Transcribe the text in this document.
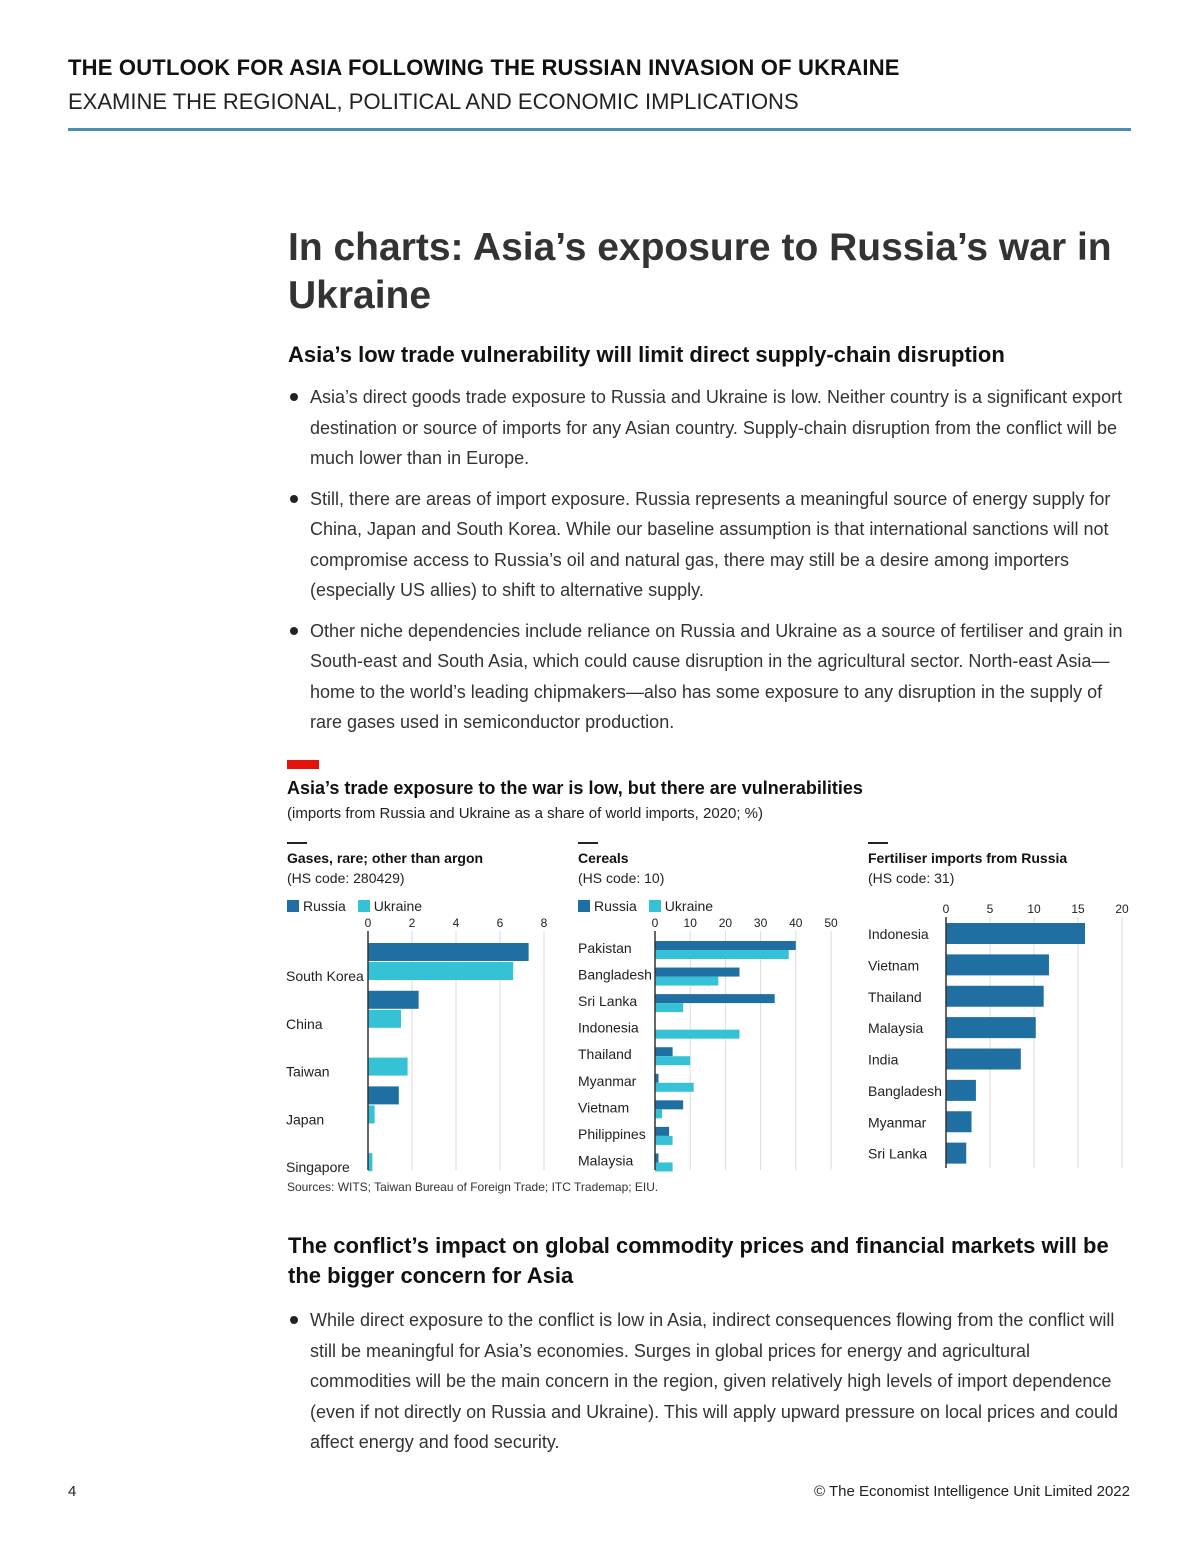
THE OUTLOOK FOR ASIA FOLLOWING THE RUSSIAN INVASION OF UKRAINE
EXAMINE THE REGIONAL, POLITICAL AND ECONOMIC IMPLICATIONS
In charts: Asia’s exposure to Russia’s war in Ukraine
Asia’s low trade vulnerability will limit direct supply-chain disruption
Asia’s direct goods trade exposure to Russia and Ukraine is low. Neither country is a significant export destination or source of imports for any Asian country. Supply-chain disruption from the conflict will be much lower than in Europe.
Still, there are areas of import exposure. Russia represents a meaningful source of energy supply for China, Japan and South Korea. While our baseline assumption is that international sanctions will not compromise access to Russia’s oil and natural gas, there may still be a desire among importers (especially US allies) to shift to alternative supply.
Other niche dependencies include reliance on Russia and Ukraine as a source of fertiliser and grain in South-east and South Asia, which could cause disruption in the agricultural sector. North-east Asia—home to the world’s leading chipmakers—also has some exposure to any disruption in the supply of rare gases used in semiconductor production.
Asia’s trade exposure to the war is low, but there are vulnerabilities
(imports from Russia and Ukraine as a share of world imports, 2020; %)
Gases, rare; other than argon
(HS code: 280429)
Russia Ukraine
0	2	4	6	8
South Korea
China
Taiwan
Japan
Singapore
Cereals
(HS code: 10)
Russia Ukraine
0 10 20 30 40 50
Pakistan
Bangladesh
Sri Lanka
Indonesia
Thailand
Myanmar
Vietnam
Philippines
Malaysia
Fertiliser imports from Russia
(HS code: 31)
0	5	10	15	20
Indonesia
Vietnam
Thailand
Malaysia
India
Bangladesh
Myanmar
Sri Lanka
Sources: WITS; Taiwan Bureau of Foreign Trade; ITC Trademap; EIU.
The conflict’s impact on global commodity prices and financial markets will be the bigger concern for Asia
While direct exposure to the conflict is low in Asia, indirect consequences flowing from the conflict will still be meaningful for Asia’s economies. Surges in global prices for energy and agricultural commodities will be the main concern in the region, given relatively high levels of import dependence (even if not directly on Russia and Ukraine). This will apply upward pressure on local prices and could affect energy and food security.
4	© The Economist Intelligence Unit Limited 2022
